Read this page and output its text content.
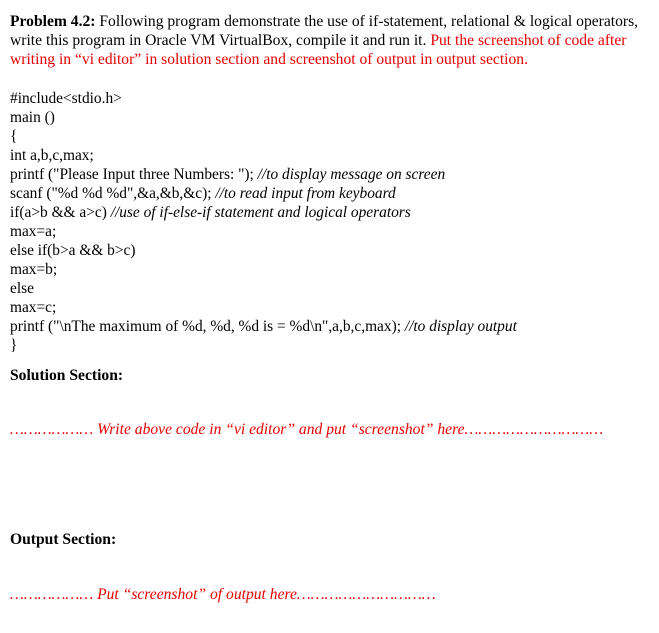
Problem 4.2: Following program demonstrate the use of if-statement, relational & logical operators, write this program in Oracle VM VirtualBox, compile it and run it. Put the screenshot of code after writing in “vi editor” in solution section and screenshot of output in output section.
#include<stdio.h>
main ()
{
int a,b,c,max;
printf ("Please Input three Numbers: "); //to display message on screen
scanf ("%d %d %d",&a,&b,&c); //to read input from keyboard
if(a>b && a>c) //use of if-else-if statement and logical operators
max=a;
else if(b>a && b>c)
max=b;
else
max=c;
printf ("\nThe maximum of %d, %d, %d is = %d\n",a,b,c,max); //to display output
}
Solution Section:
……………… Write above code in “vi editor” and put “screenshot” here…………………………
Output Section:
……………… Put “screenshot” of output here…………………………
